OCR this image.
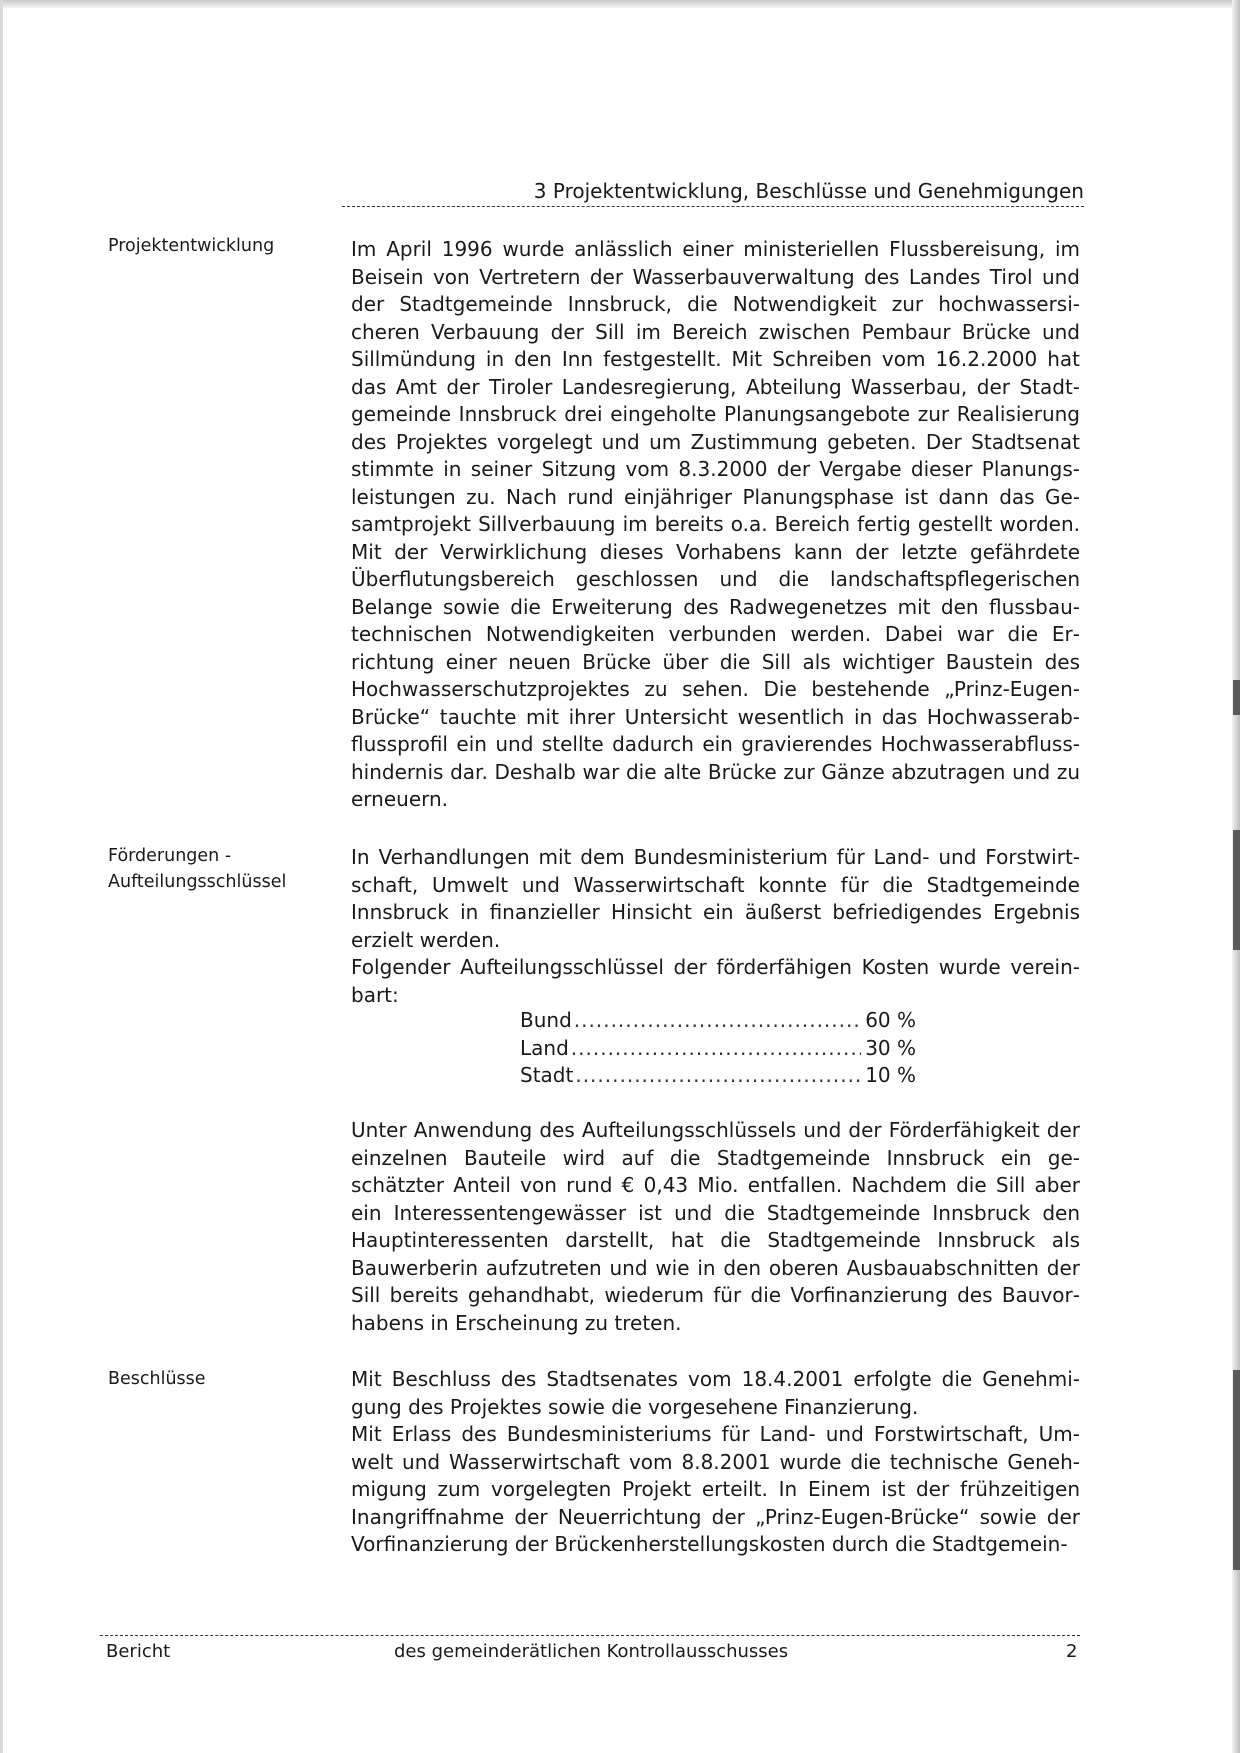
3 Projektentwicklung, Beschlüsse und Genehmigungen
Projektentwicklung	Im April 1996 wurde anlässlich einer ministeriellen Flussbereisung, im Beisein von Vertretern der Wasserbauverwaltung des Landes Tirol und der Stadtgemeinde Innsbruck, die Notwendigkeit zur hochwassersicheren Verbauung der Sill im Bereich zwischen Pembaur Brücke und Sillmündung in den Inn festgestellt. Mit Schreiben vom 16.2.2000 hat das Amt der Tiroler Landesregierung, Abteilung Wasserbau, der Stadtgemeinde Innsbruck drei eingeholte Planungsangebote zur Realisierung des Projektes vorgelegt und um Zustimmung gebeten. Der Stadtsenat stimmte in seiner Sitzung vom 8.3.2000 der Vergabe dieser Planungsleistungen zu. Nach rund einjähriger Planungsphase ist dann das Gesamtprojekt Sillverbauung im bereits o.a. Bereich fertig gestellt worden. Mit der Verwirklichung dieses Vorhabens kann der letzte gefährdete Überflutungsbereich geschlossen und die landschaftspflegerischen Belange sowie die Erweiterung des Radwegenetzes mit den flussbautechnischen Notwendigkeiten verbunden werden. Dabei war die Errichtung einer neuen Brücke über die Sill als wichtiger Baustein des Hochwasserschutzprojektes zu sehen. Die bestehende „Prinz-Eugen-Brücke“ tauchte mit ihrer Untersicht wesentlich in das Hochwasserabflussprofil ein und stellte dadurch ein gravierendes Hochwasserabflusshindernis dar. Deshalb war die alte Brücke zur Gänze abzutragen und zu erneuern.

Förderungen -
Aufteilungsschlüssel

In Verhandlungen mit dem Bundesministerium für Land- und Forstwirtschaft, Umwelt und Wasserwirtschaft konnte für die Stadtgemeinde Innsbruck in finanzieller Hinsicht ein äußerst befriedigendes Ergebnis erzielt werden.

Folgender Aufteilungsschlüssel der förderfähigen Kosten wurde vereinbart:

Bund .....	60 %
Land .....	30 %
Stadt .....	10 %

Unter Anwendung des Aufteilungsschlüssels und der Förderfähigkeit der einzelnen Bauteile wird auf die Stadtgemeinde Innsbruck ein geschätzter Anteil von rund € 0,43 Mio. entfallen. Nachdem die Sill aber ein Interessentengewässer ist und die Stadtgemeinde Innsbruck den Hauptinteressenten darstellt, hat die Stadtgemeinde Innsbruck als Bauwerberin aufzutreten und wie in den oberen Ausbauabschnitten der Sill bereits gehandhabt, wiederum für die Vorfinanzierung des Bauvorhabens in Erscheinung zu treten.

Beschlüsse	Mit Beschluss des Stadtsenates vom 18.4.2001 erfolgte die Genehmigung des Projektes sowie die vorgesehene Finanzierung.

Mit Erlass des Bundesministeriums für Land- und Forstwirtschaft, Umwelt und Wasserwirtschaft vom 8.8.2001 wurde die technische Genehmigung zum vorgelegten Projekt erteilt. In Einem ist der frühzeitigen Inangriffnahme der Neuerrichtung der „Prinz-Eugen-Brücke“ sowie der Vorfinanzierung der Brückenherstellungskosten durch die Stadtgemein-

Bericht	des gemeinderätlichen Kontrollausschusses	2
